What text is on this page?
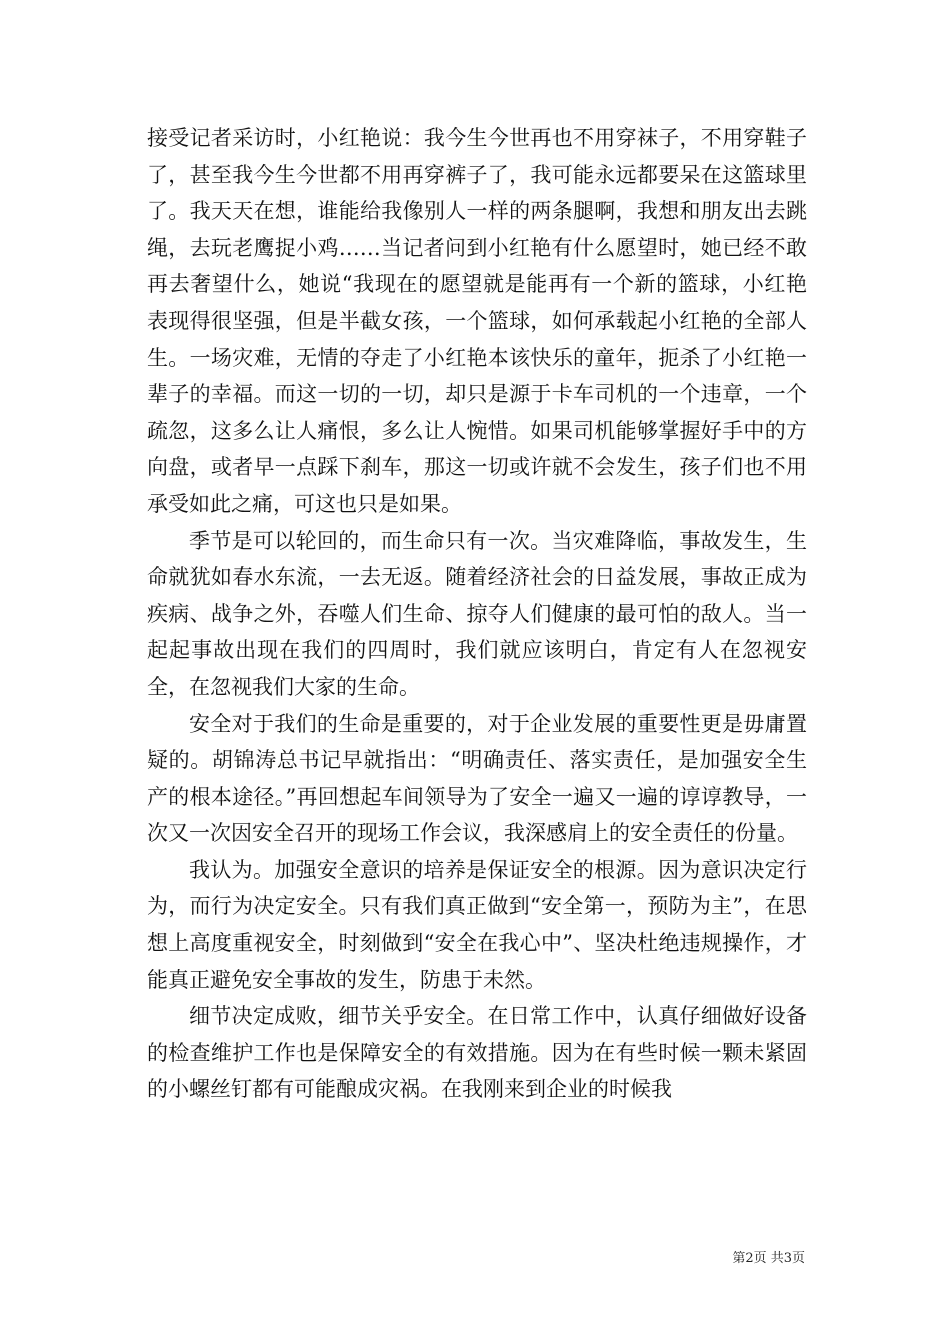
接受记者采访时，小红艳说：我今生今世再也不用穿袜子，不用穿鞋子了，甚至我今生今世都不用再穿裤子了，我可能永远都要呆在这篮球里了。我天天在想，谁能给我像别人一样的两条腿啊，我想和朋友出去跳绳，去玩老鹰捉小鸡……当记者问到小红艳有什么愿望时，她已经不敢再去奢望什么，她说“我现在的愿望就是能再有一个新的篮球，小红艳表现得很坚强，但是半截女孩，一个篮球，如何承载起小红艳的全部人生。一场灾难，无情的夺走了小红艳本该快乐的童年，扼杀了小红艳一辈子的幸福。而这一切的一切，却只是源于卡车司机的一个违章，一个疏忽，这多么让人痛恨，多么让人惋惜。如果司机能够掌握好手中的方向盘，或者早一点踩下刹车，那这一切或许就不会发生，孩子们也不用承受如此之痛，可这也只是如果。

季节是可以轮回的，而生命只有一次。当灾难降临，事故发生，生命就犹如春水东流，一去无返。随着经济社会的日益发展，事故正成为疾病、战争之外，吞噬人们生命、掠夺人们健康的最可怕的敌人。当一起起事故出现在我们的四周时，我们就应该明白，肯定有人在忽视安全，在忽视我们大家的生命。

安全对于我们的生命是重要的，对于企业发展的重要性更是毋庸置疑的。胡锦涛总书记早就指出：“明确责任、落实责任，是加强安全生产的根本途径。”再回想起车间领导为了安全一遍又一遍的谆谆教导，一次又一次因安全召开的现场工作会议，我深感肩上的安全责任的份量。

我认为。加强安全意识的培养是保证安全的根源。因为意识决定行为，而行为决定安全。只有我们真正做到“安全第一，预防为主”，在思想上高度重视安全，时刻做到“安全在我心中”、坚决杜绝违规操作，才能真正避免安全事故的发生，防患于未然。

细节决定成败，细节关乎安全。在日常工作中，认真仔细做好设备的检查维护工作也是保障安全的有效措施。因为在有些时候一颗未紧固的小螺丝钉都有可能酿成灾祸。在我刚来到企业的时候我

第2页 共3页
